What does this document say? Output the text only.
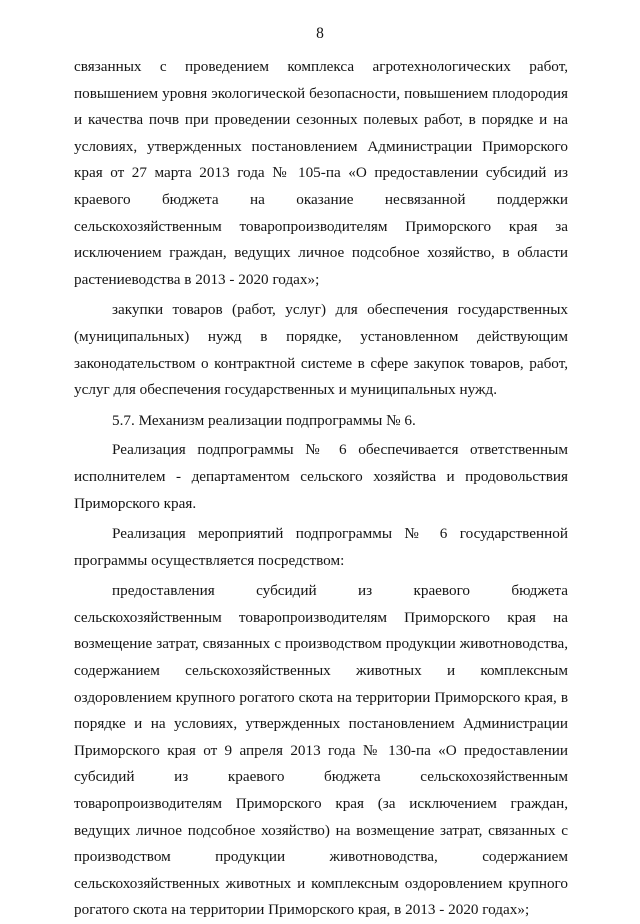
8

связанных с проведением комплекса агротехнологических работ, повышением уровня экологической безопасности, повышением плодородия и качества почв при проведении сезонных полевых работ, в порядке и на условиях, утвержденных постановлением Администрации Приморского края от 27 марта 2013 года № 105-па «О предоставлении субсидий из краевого бюджета на оказание несвязанной поддержки сельскохозяйственным товаропроизводителям Приморского края за исключением граждан, ведущих личное подсобное хозяйство, в области растениеводства в 2013 - 2020 годах»;

закупки товаров (работ, услуг) для обеспечения государственных (муниципальных) нужд в порядке, установленном действующим законодательством о контрактной системе в сфере закупок товаров, работ, услуг для обеспечения государственных и муниципальных нужд.

5.7. Механизм реализации подпрограммы № 6.

Реализация подпрограммы № 6 обеспечивается ответственным исполнителем - департаментом сельского хозяйства и продовольствия Приморского края.

Реализация мероприятий подпрограммы № 6 государственной программы осуществляется посредством:

предоставления субсидий из краевого бюджета сельскохозяйственным товаропроизводителям Приморского края на возмещение затрат, связанных с производством продукции животноводства, содержанием сельскохозяйственных животных и комплексным оздоровлением крупного рогатого скота на территории Приморского края, в порядке и на условиях, утвержденных постановлением Администрации Приморского края от 9 апреля 2013 года № 130-па «О предоставлении субсидий из краевого бюджета сельскохозяйственным товаропроизводителям Приморского края (за исключением граждан, ведущих личное подсобное хозяйство) на возмещение затрат, связанных с производством продукции животноводства, содержанием сельскохозяйственных животных и комплексным оздоровлением крупного рогатого скота на территории Приморского края, в 2013 - 2020 годах»;
